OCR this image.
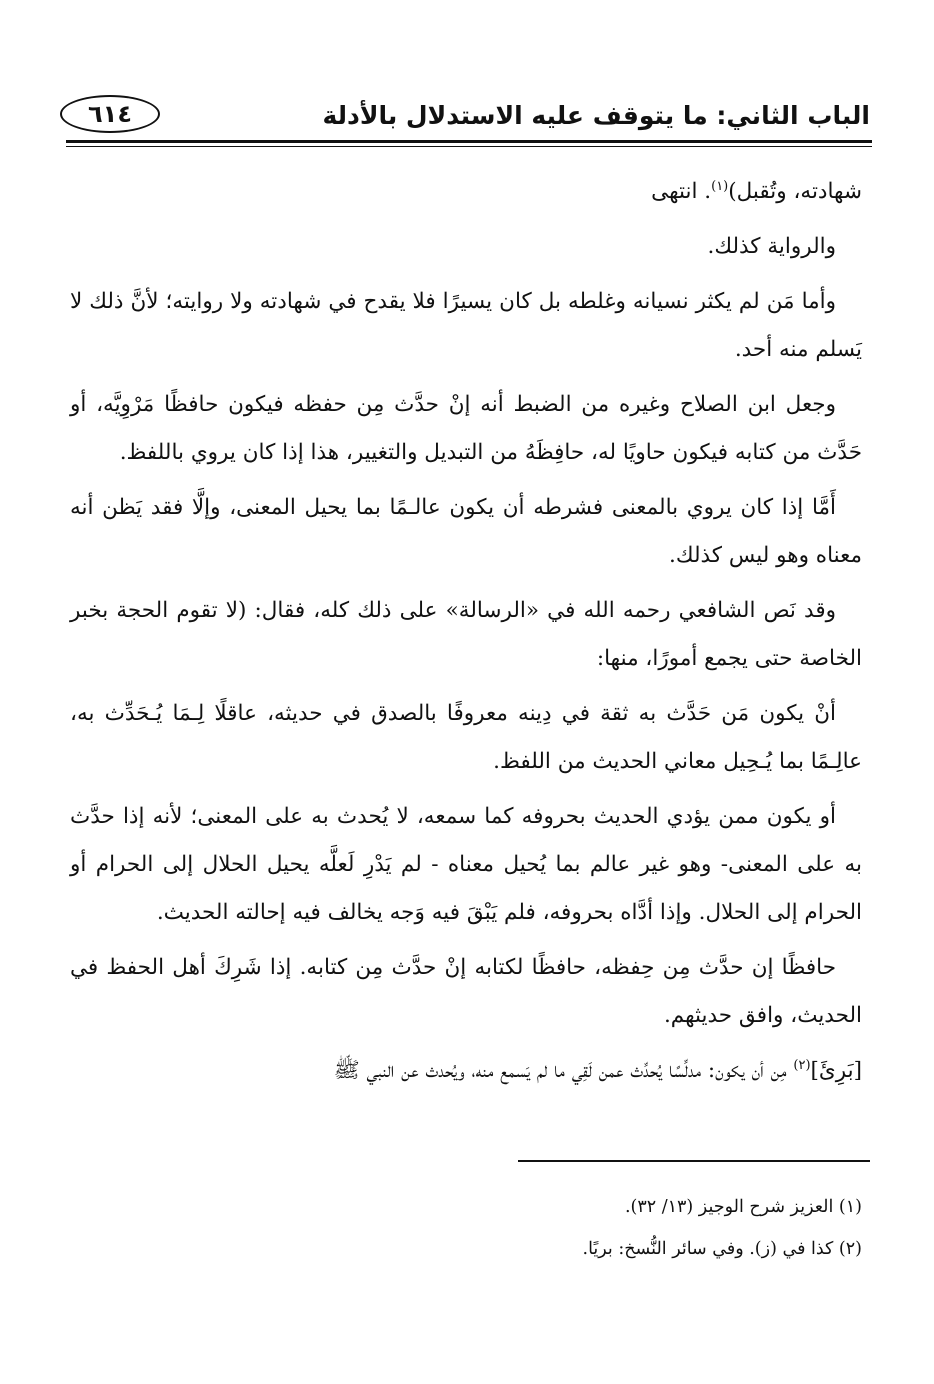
الباب الثاني: ما يتوقف عليه الاستدلال بالأدلة
٦١٤

شهادته، وتُقبل)$^{(١)}$. انتهى

والرواية كذلك.

وأما مَن لم يكثر نسيانه وغلطه بل كان يسيرًا فلا يقدح في شهادته ولا روايته؛ لأنَّ ذلك لا يَسلم منه أحد.

وجعل ابن الصلاح وغيره من الضبط أنه إنْ حدَّث مِن حفظه فيكون حافظًا مَرْوِيَّه، أو حَدَّث من كتابه فيكون حاويًا له، حافِظَهُ من التبديل والتغيير، هذا إذا كان يروي باللفظ.

أَمَّا إذا كان يروي بالمعنى فشرطه أن يكون عالـمًا بما يحيل المعنى، وإلَّا فقد يَظن أنه معناه وهو ليس كذلك.

وقد نَص الشافعي رحمه الله في «الرسالة» على ذلك كله، فقال: (لا تقوم الحجة بخبر الخاصة حتى يجمع أمورًا، منها:

أنْ يكون مَن حَدَّث به ثقة في دِينه معروفًا بالصدق في حديثه، عاقلًا لِـمَا يُـحَدِّث به، عالِـمًا بما يُـحِيل معاني الحديث من اللفظ.

أو يكون ممن يؤدي الحديث بحروفه كما سمعه، لا يُحدث به على المعنى؛ لأنه إذا حدَّث به على المعنى- وهو غير عالم بما يُحيل معناه - لم يَدْرِ لَعلَّه يحيل الحلال إلى الحرام أو الحرام إلى الحلال. وإذا أدَّاه بحروفه، فلم يَبْقَ فيه وَجه يخالف فيه إحالته الحديث.

حافظًا إن حدَّث مِن حِفظه، حافظًا لكتابه إنْ حدَّث مِن كتابه. إذا شَرِكَ أهل الحفظ في الحديث، وافق حديثهم.

[بَرِئَ]$^{(٢)}$ مِن أن يكون: مدلِّسًا يُحدِّث عمن لَقِي ما لم يَسمع منه، ويُحدث عن النبي ﷺ

(١) العزيز شرح الوجيز (١٣/ ٣٢).

(٢) كذا في (ز). وفي سائر النُّسخ: بريًا.
